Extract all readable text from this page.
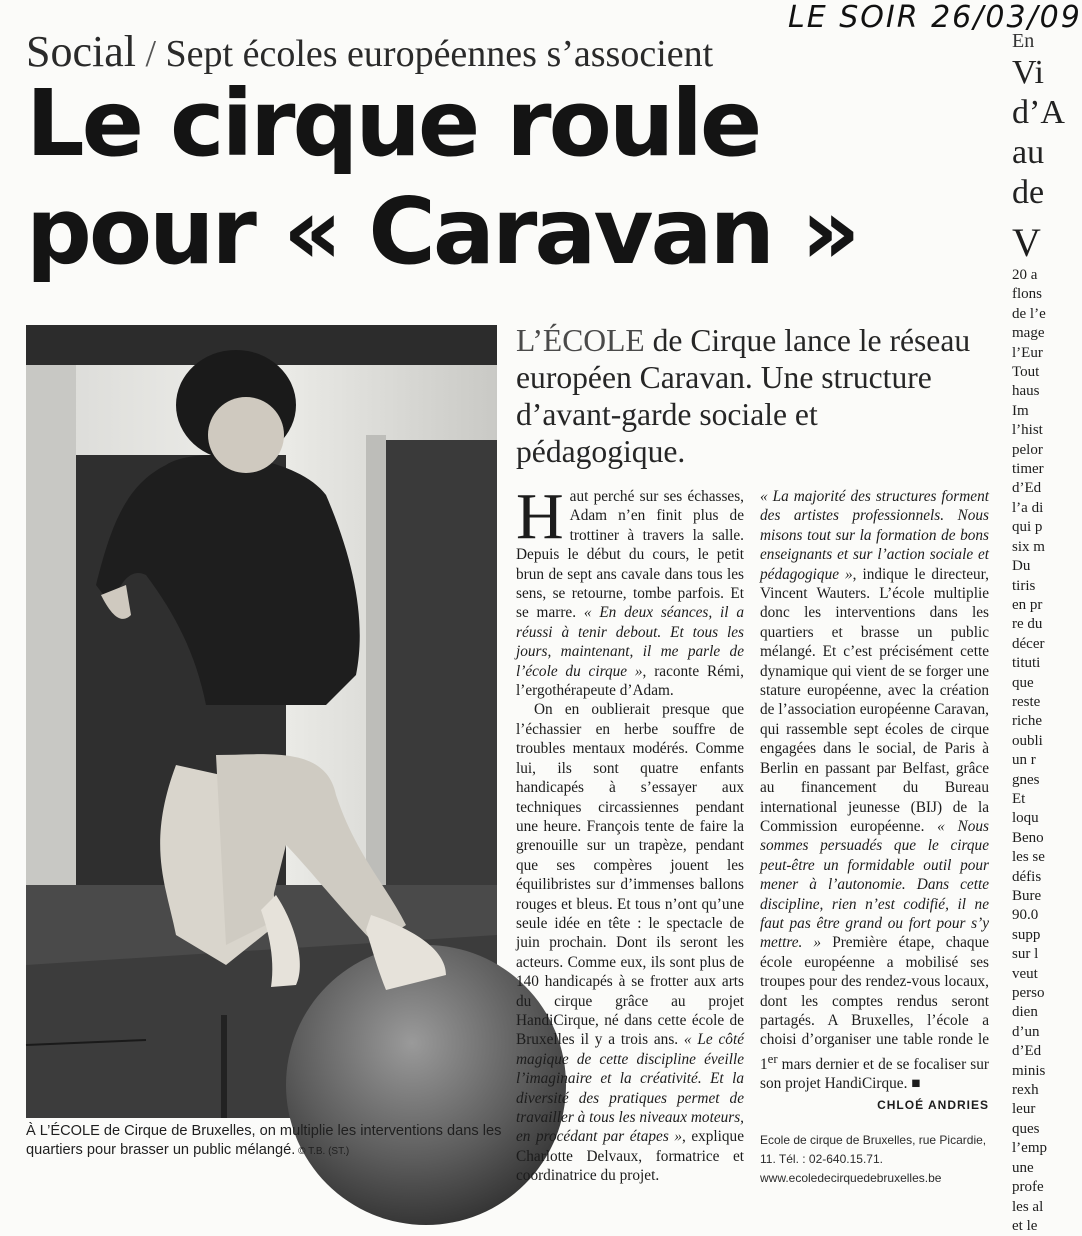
LE SOIR 26/03/09
Social / Sept écoles européennes s’associent
Le cirque roule
pour « Caravan »
À L’ÉCOLE de Cirque de Bruxelles, on multiplie les interventions dans les quartiers pour brasser un public mélangé. © T.B. (ST.)
L’ÉCOLE de Cirque lance le réseau européen Caravan. Une structure d’avant-garde sociale et pédagogique.

Haut perché sur ses échasses, Adam n’en finit plus de trottiner à travers la salle. Depuis le début du cours, le petit brun de sept ans cavale dans tous les sens, se retourne, tombe parfois. Et se marre. « En deux séances, il a réussi à tenir debout. Et tous les jours, maintenant, il me parle de l’école du cirque », raconte Rémi, l’ergothérapeute d’Adam.

On en oublierait presque que l’échassier en herbe souffre de troubles mentaux modérés. Comme lui, ils sont quatre enfants handicapés à s’essayer aux techniques circassiennes pendant une heure. François tente de faire la grenouille sur un trapèze, pendant que ses compères jouent les équilibristes sur d’immenses ballons rouges et bleus. Et tous n’ont qu’une seule idée en tête : le spectacle de juin prochain. Dont ils seront les acteurs. Comme eux, ils sont plus de 140 handicapés à se frotter aux arts du cirque grâce au projet HandiCirque, né dans cette école de Bruxelles il y a trois ans. « Le côté magique de cette discipline éveille l’imaginaire et la créativité. Et la diversité des pratiques permet de travailler à tous les niveaux moteurs, en procédant par étapes », explique Charlotte Delvaux, formatrice et coordinatrice du projet.

« La majorité des structures forment des artistes professionnels. Nous misons tout sur la formation de bons enseignants et sur l’action sociale et pédagogique », indique le directeur, Vincent Wauters. L’école multiplie donc les interventions dans les quartiers et brasse un public mélangé. Et c’est précisément cette dynamique qui vient de se forger une stature européenne, avec la création de l’association européenne Caravan, qui rassemble sept écoles de cirque engagées dans le social, de Paris à Berlin en passant par Belfast, grâce au financement du Bureau international jeunesse (BIJ) de la Commission européenne. « Nous sommes persuadés que le cirque peut-être un formidable outil pour mener à l’autonomie. Dans cette discipline, rien n’est codifié, il ne faut pas être grand ou fort pour s’y mettre. » Première étape, chaque école européenne a mobilisé ses troupes pour des rendez-vous locaux, dont les comptes rendus seront partagés. A Bruxelles, l’école a choisi d’organiser une table ronde le 1er mars dernier et de se focaliser sur son projet HandiCirque. ■
CHLOÉ ANDRIES

Ecole de cirque de Bruxelles, rue Picardie, 11. Tél. : 02-640.15.71. www.ecoledecirquedebruxelles.be
En
Vi
d’A
au
de
V
20 a
flons
de l’e
mage
l’Eur
Tout
haus
Im
l’hist
pelor
timer
d’Ed
l’a di
qui p
six m
Du
tiris
en pr
re du
décer
tituti
que
reste
riche
oubli
un r
gnes
Et
loqu
Beno
les se
défis
Bure
90.0
supp
sur l
veut
perso
dien
d’un
d’Ed
minis
rexh
leur
ques
l’emp
une
profe
les al
et le
